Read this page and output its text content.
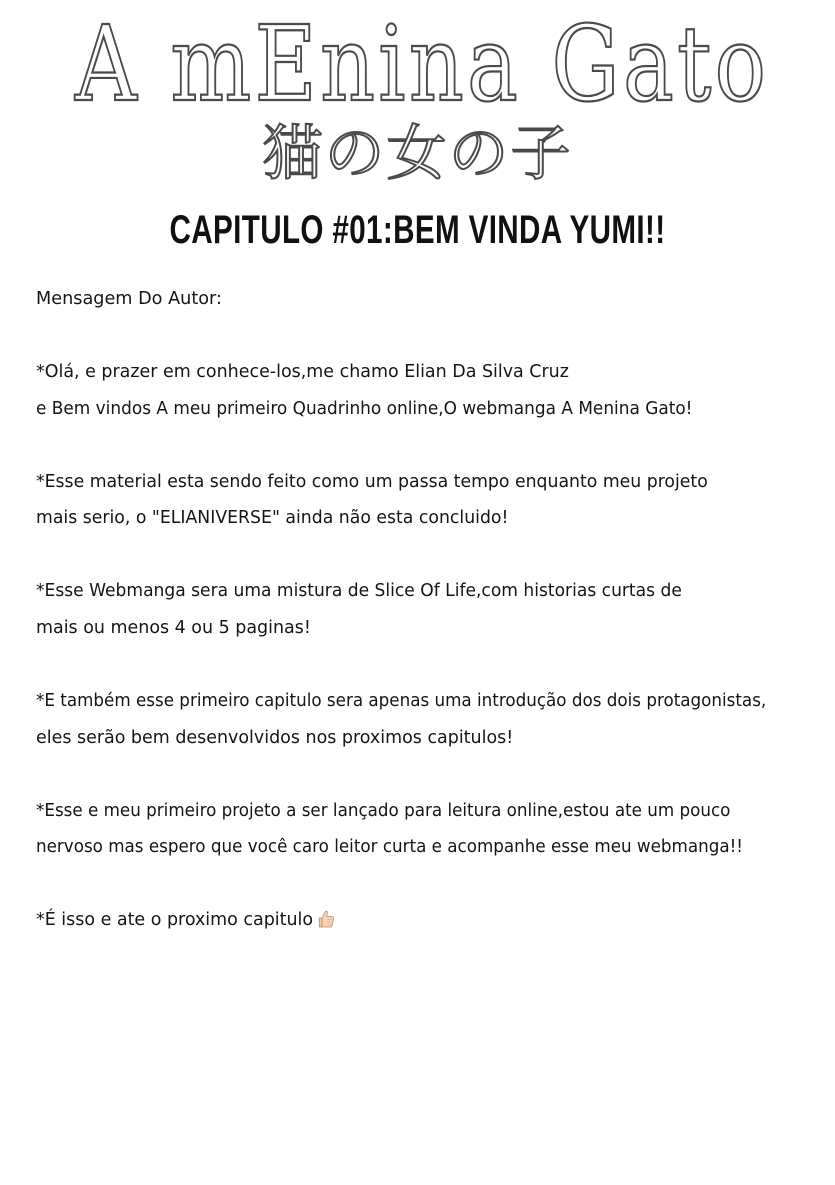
A mEnina Gato
猫の女の子
CAPITULO #01:BEM VINDA YUMI!!
Mensagem Do Autor:
*Olá, e prazer em conhece-los,me chamo Elian Da Silva Cruz
e Bem vindos A meu primeiro Quadrinho online,O webmanga A Menina Gato!
*Esse material esta sendo feito como um passa tempo enquanto meu projeto
mais serio, o "ELIANIVERSE" ainda não esta concluido!
*Esse Webmanga sera uma mistura de Slice Of Life,com historias curtas de
mais ou menos 4 ou 5 paginas!
*E também esse primeiro capitulo sera apenas uma introdução dos dois protagonistas,
eles serão bem desenvolvidos nos proximos capitulos!
*Esse e meu primeiro projeto a ser lançado para leitura online,estou ate um pouco
nervoso mas espero que você caro leitor curta e acompanhe esse meu webmanga!!
*É isso e ate o proximo capitulo
